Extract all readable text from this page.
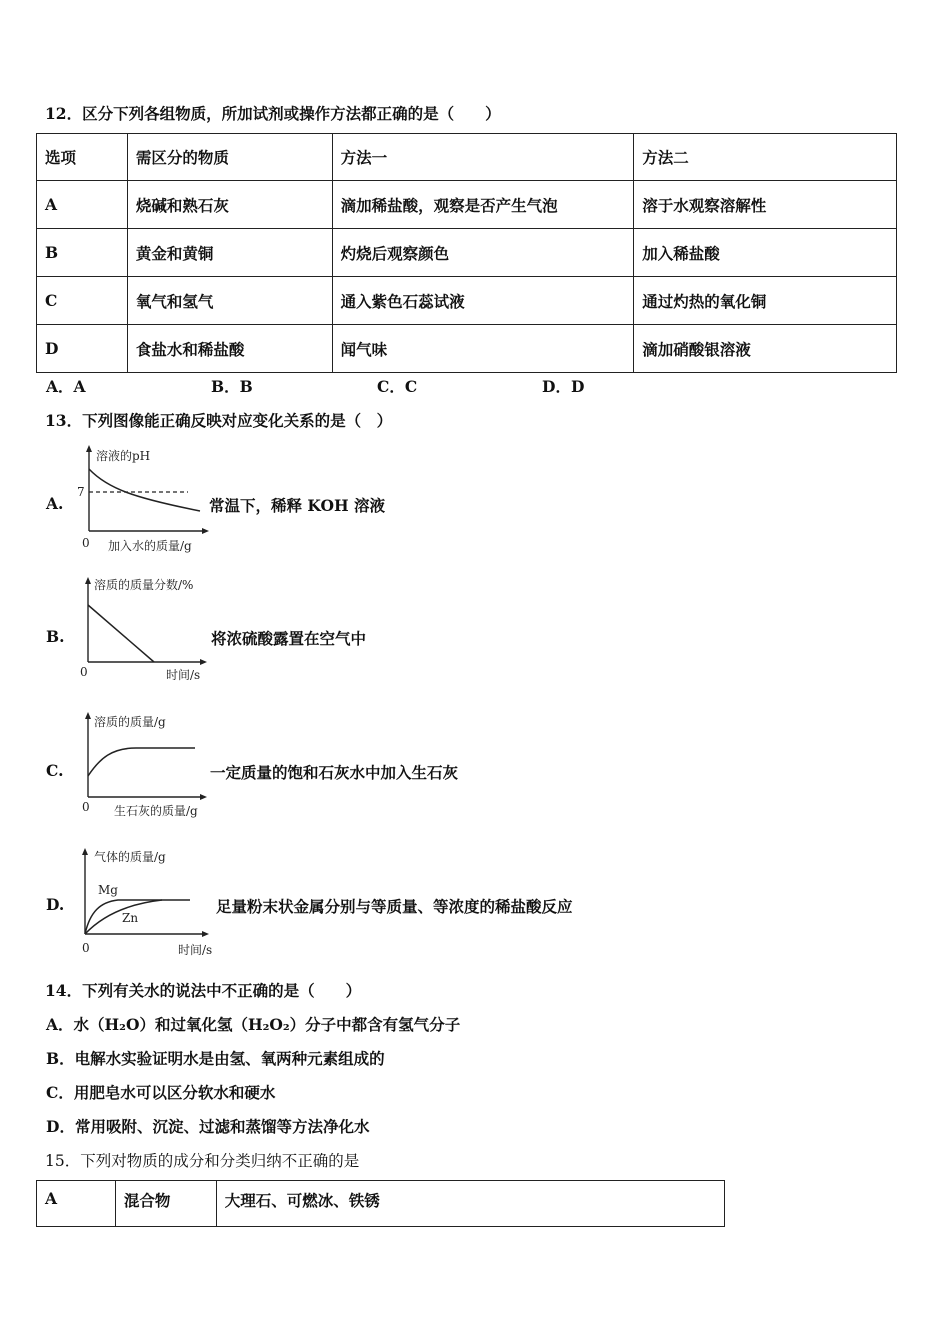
12．区分下列各组物质，所加试剂或操作方法都正确的是（　　）
选项	需区分的物质	方法一	方法二
A	烧碱和熟石灰	滴加稀盐酸，观察是否产生气泡	溶于水观察溶解性
B	黄金和黄铜	灼烧后观察颜色	加入稀盐酸
C	氧气和氢气	通入紫色石蕊试液	通过灼热的氧化铜
D	食盐水和稀盐酸	闻气味	滴加硝酸银溶液
A．A	B．B	C．C	D．D
13．下列图像能正确反映对应变化关系的是（　）
A.
溶液的pH
7
0 加入水的质量/g
常温下，稀释 KOH 溶液
B.
溶质的质量分数/%
0	时间/s
将浓硫酸露置在空气中
C.
溶质的质量/g
0 生石灰的质量/g
一定质量的饱和石灰水中加入生石灰
D.
气体的质量/g
Mg
Zn
0	时间/s
足量粉末状金属分别与等质量、等浓度的稀盐酸反应
14．下列有关水的说法中不正确的是（　　）
A．水（H₂O）和过氧化氢（H₂O₂）分子中都含有氢气分子
B．电解水实验证明水是由氢、氧两种元素组成的
C．用肥皂水可以区分软水和硬水
D．常用吸附、沉淀、过滤和蒸馏等方法净化水
15．下列对物质的成分和分类归纳不正确的是
A	混合物	大理石、可燃冰、铁锈
